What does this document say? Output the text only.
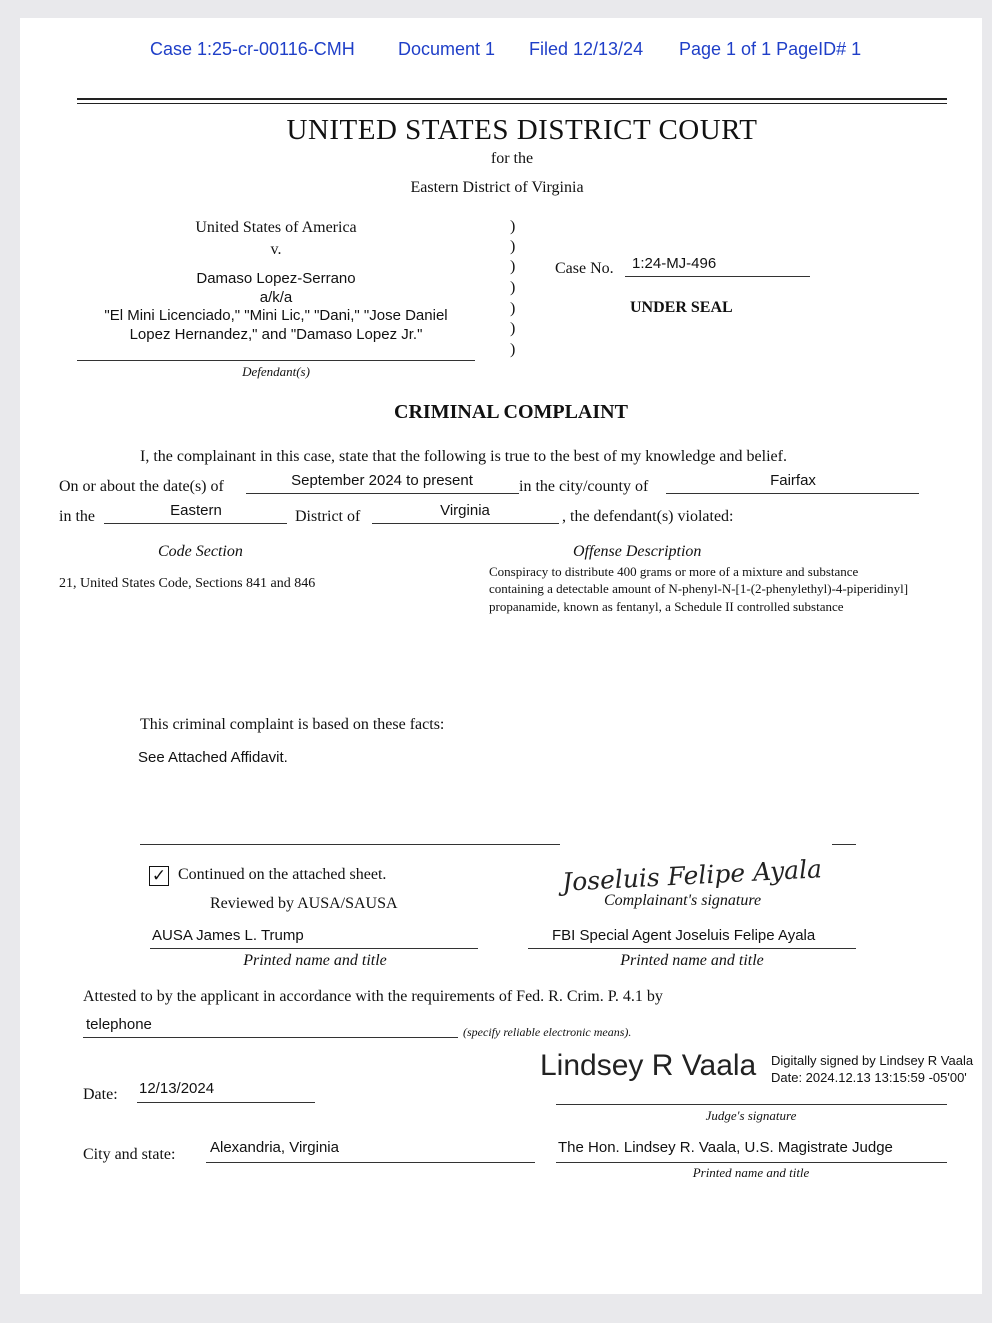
Case 1:25-cr-00116-CMH Document 1 Filed 12/13/24 Page 1 of 1 PageID# 1
UNITED STATES DISTRICT COURT
for the
Eastern District of Virginia
United States of America
v.
Damaso Lopez-Serrano
a/k/a
"El Mini Licenciado," "Mini Lic," "Dani," "Jose Daniel
Lopez Hernandez," and "Damaso Lopez Jr."
Defendant(s)
)
)
)
)
)
)
)
Case No. 1:24-MJ-496
UNDER SEAL
CRIMINAL COMPLAINT
I, the complainant in this case, state that the following is true to the best of my knowledge and belief.
On or about the date(s) of	September 2024 to present	in the city/county of	Fairfax
in the	Eastern	District of	Virginia	, the defendant(s) violated:
Code Section	Offense Description
21, United States Code, Sections 841 and 846
Conspiracy to distribute 400 grams or more of a mixture and substance
containing a detectable amount of N-phenyl-N-[1-(2-phenylethyl)-4-piperidinyl]
propanamide, known as fentanyl, a Schedule II controlled substance
This criminal complaint is based on these facts:
See Attached Affidavit.
✓ Continued on the attached sheet.
Reviewed by AUSA/SAUSA
Joseluis Felipe Ayala
Complainant's signature
AUSA James L. Trump
Printed name and title
FBI Special Agent Joseluis Felipe Ayala
Printed name and title
Attested to by the applicant in accordance with the requirements of Fed. R. Crim. P. 4.1 by
telephone	(specify reliable electronic means).
Lindsey R Vaala Digitally signed by Lindsey R Vaala
Date: 2024.12.13 13:15:59 -05'00'
Judge's signature
Date: 12/13/2024
City and state: Alexandria, Virginia	The Hon. Lindsey R. Vaala, U.S. Magistrate Judge
Printed name and title
